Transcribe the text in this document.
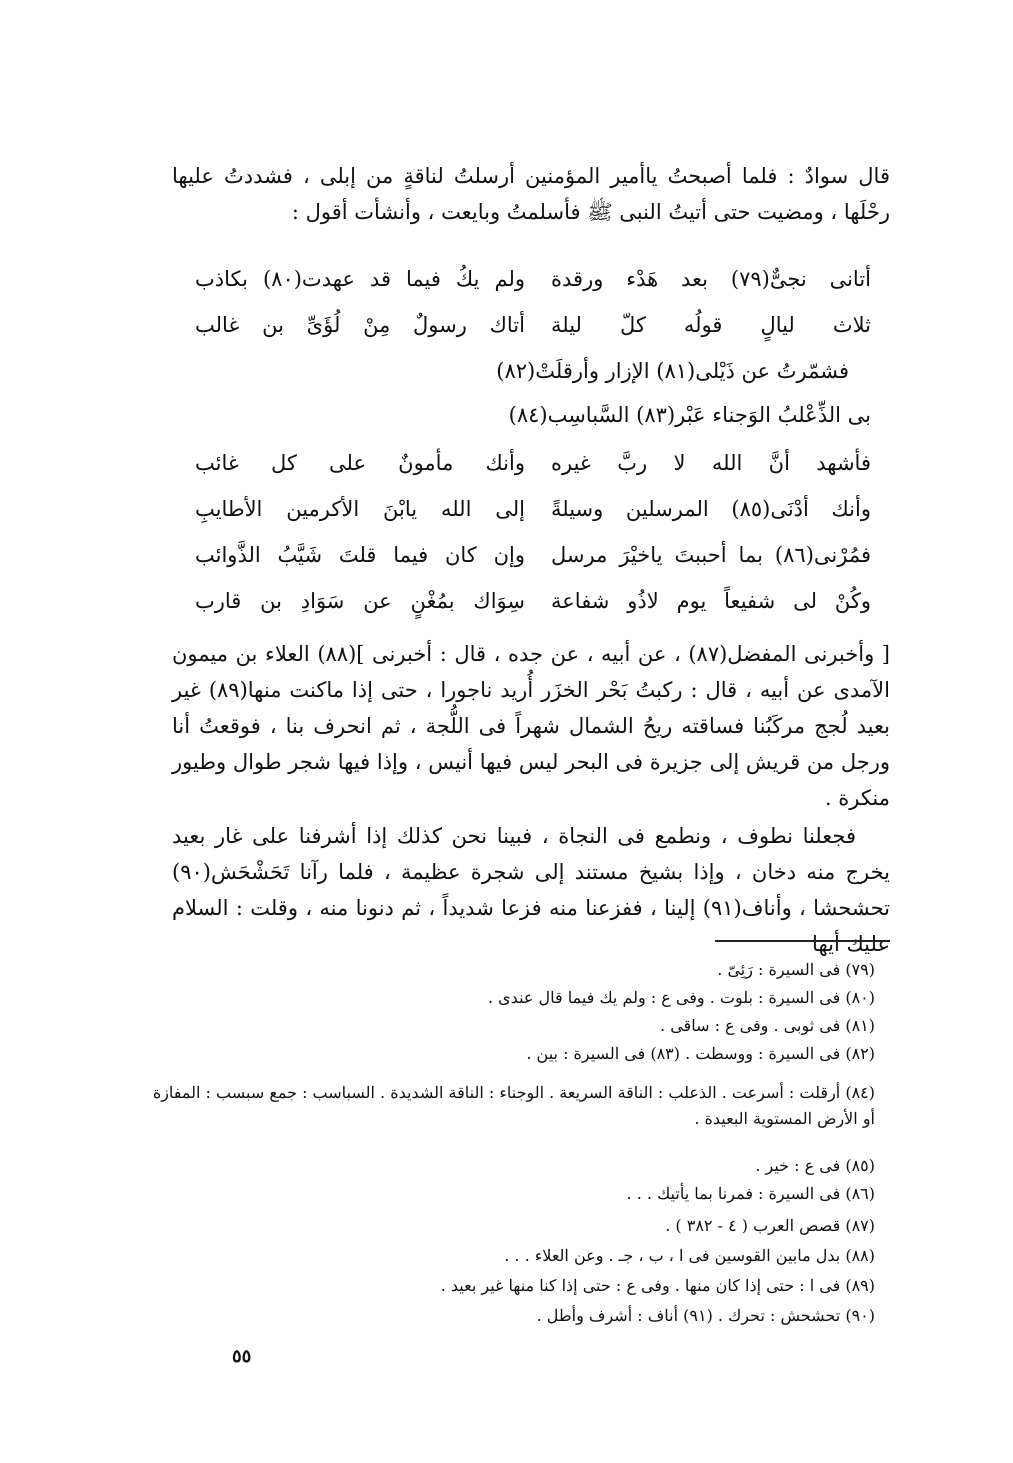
قال سوادٌ : فلما أصبحتُ ياأمير المؤمنين أرسلتُ لناقةٍ من إبلى ، فشددتُ عليها رحْلَها ، ومضيت حتى أتيتُ النبى ﷺ فأسلمتُ وبايعت ، وأنشأت أقول :

أتانى نجىٌّ(٧٩) بعد هَدْء ورقدة
ولم يكُ فيما قد عهدت(٨٠) بكاذب
ثلاث ليالٍ قولُه كلّ ليلة
أتاك رسولٌ مِنْ لُؤَىِّ بن غالب
فشمّرتُ عن ذَيْلى(٨١) الإزار وأرقلَتْ(٨٢)
بى الذِّعْلبُ الوَجناء عَبْر(٨٣) السَّباسِب(٨٤)
فأشهد أنَّ الله لا ربَّ غيره
وأنك مأمونٌ على كل غائب
وأنك أدْنَى(٨٥) المرسلين وسيلةً
إلى الله يابْنَ الأكرمين الأطايبِ
فمُرْنى(٨٦) بما أحببتَ ياخيْرَ مرسل
وإن كان فيما قلتَ شَيَّبُ الذَّوائب
وكُنْ لى شفيعاً يوم لاذُو شفاعة
سِوَاك بمُغْنٍ عن سَوَادِ بن قارب

[ وأخبرنى المفضل(٨٧) ، عن أبيه ، عن جده ، قال : أخبرنى ](٨٨) العلاء بن ميمون الآمدى عن أبيه ، قال : ركبتُ بَحْر الخزَر أُريد ناجورا ، حتى إذا ماكنت منها(٨٩) غير بعيد لُجج مركَبُنا فساقته ريحُ الشمال شهراً فى اللُّجة ، ثم انحرف بنا ، فوقعتُ أنا ورجل من قريش إلى جزيرة فى البحر ليس فيها أنيس ، وإذا فيها شجر طوال وطيور منكرة .

فجعلنا نطوف ، ونطمع فى النجاة ، فبينا نحن كذلك إذا أشرفنا على غار بعيد يخرج منه دخان ، وإذا بشيخ مستند إلى شجرة عظيمة ، فلما رآنا تَحَشْحَش(٩٠) تحشحشا ، وأناف(٩١) إلينا ، ففزعنا منه فزعا شديداً ، ثم دنونا منه ، وقلت : السلام عليك أيها

(٧٩) فى السيرة : رَئِىّ .
(٨٠) فى السيرة : بلوت . وفى ع : ولم يك فيما قال عندى .
(٨١) فى ثوبى . وفى ع : ساقى .
(٨٢) فى السيرة : ووسطت . (٨٣) فى السيرة : بين .
(٨٤) أرقلت : أسرعت . الذعلب : الناقة السريعة . الوجناء : الناقة الشديدة . السباسب : جمع سبسب : المفازة أو الأرض المستوية البعيدة .
(٨٥) فى ع : خير .
(٨٦) فى السيرة : فمرنا بما يأتيك . . .
(٨٧) قصص العرب ( ٤ - ٣٨٢ ) .
(٨٨) بدل مابين القوسين فى ا ، ب ، جـ . وعن العلاء . . .
(٨٩) فى ا : حتى إذا كان منها . وفى ع : حتى إذا كنا منها غير بعيد .
(٩٠) تحشحش : تحرك . (٩١) أناف : أشرف وأطل .
٥٥
